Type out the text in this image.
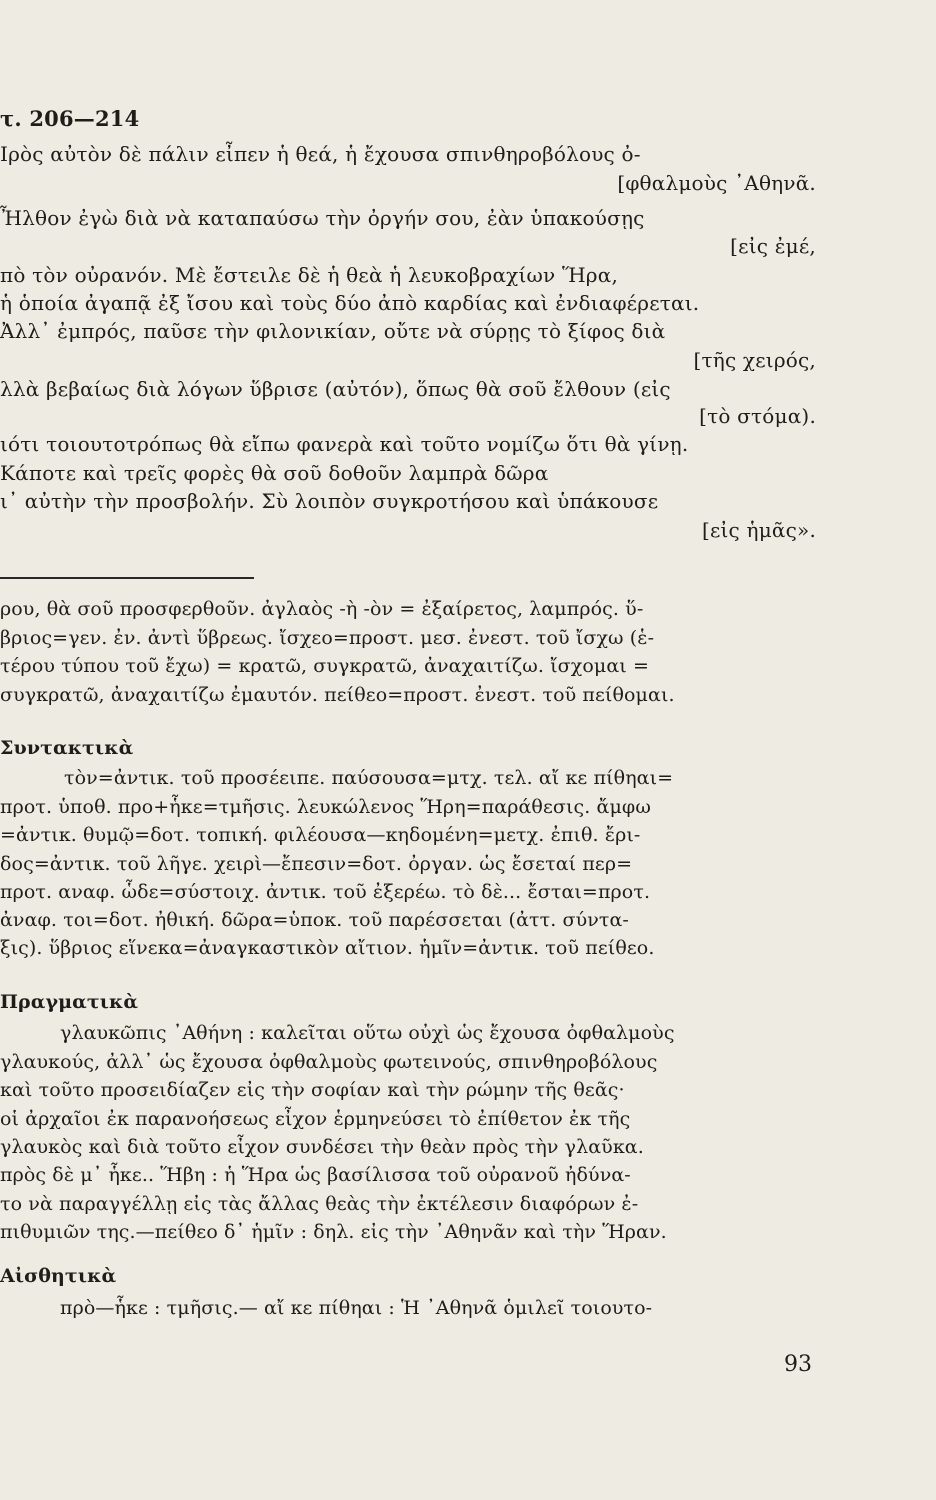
τ. 206—214
Ιρὸς αὐτὸν δὲ πάλιν εἶπεν ἡ θεά, ἡ ἔχουσα σπινθηροβόλους ὀ-
[φθαλμοὺς ᾿Αθηνᾶ.
Ἦλθον ἐγὼ διὰ νὰ καταπαύσω τὴν ὀργήν σου, ἐὰν ὑπακούσῃς
[εἰς ἐμέ,
πὸ τὸν οὐρανόν. Μὲ ἔστειλε δὲ ἡ θεὰ ἡ λευκοβραχίων Ἥρα,
ἡ ὁποία ἀγαπᾷ ἐξ ἴσου καὶ τοὺς δύο ἀπὸ καρδίας καὶ ἐνδιαφέρεται.
Ἀλλ᾿ ἐμπρός, παῦσε τὴν φιλονικίαν, οὔτε νὰ σύρῃς τὸ ξίφος διὰ
[τῆς χειρός,
λλὰ βεβαίως διὰ λόγων ὕβρισε (αὐτόν), ὅπως θὰ σοῦ ἔλθουν (εἰς
[τὸ στόμα).
ιότι τοιουτοτρόπως θὰ εἴπω φανερὰ καὶ τοῦτο νομίζω ὅτι θὰ γίνῃ.
Κάποτε καὶ τρεῖς φορὲς θὰ σοῦ δοθοῦν λαμπρὰ δῶρα
ι᾿ αὐτὴν τὴν προσβολήν. Σὺ λοιπὸν συγκροτήσου καὶ ὑπάκουσε
[εἰς ἡμᾶς».
ρου, θὰ σοῦ προσφερθοῦν. ἀγλαὸς -ὴ -ὸν = ἐξαίρετος, λαμπρός. ὕ-
βριος=γεν. ἐν. ἀντὶ ὕβρεως. ἴσχεο=προστ. μεσ. ἐνεστ. τοῦ ἴσχω (ἑ-
τέρου τύπου τοῦ ἔχω) = κρατῶ, συγκρατῶ, ἀναχαιτίζω. ἴσχομαι =
συγκρατῶ, ἀναχαιτίζω ἐμαυτόν. πείθεο=προστ. ἐνεστ. τοῦ πείθομαι.
Συντακτικὰ
τὸν=ἀντικ. τοῦ προσέειπε. παύσουσα=μτχ. τελ. αἴ κε πίθηαι=
προτ. ὑποθ. προ+ἧκε=τμῆσις. λευκώλενος Ἥρη=παράθεσις. ἄμφω
=ἀντικ. θυμῷ=δοτ. τοπική. φιλέουσα—κηδομένη=μετχ. ἐπιθ. ἔρι-
δος=ἀντικ. τοῦ λῆγε. χειρὶ—ἔπεσιν=δοτ. ὀργαν. ὡς ἔσεταί περ=
προτ. αναφ. ὧδε=σύστοιχ. ἀντικ. τοῦ ἐξερέω. τὸ δὲ... ἔσται=προτ.
ἀναφ. τοι=δοτ. ἠθική. δῶρα=ὑποκ. τοῦ παρέσσεται (ἀττ. σύντα-
ξις). ὕβριος εἵνεκα=ἀναγκαστικὸν αἴτιον. ἡμῖν=ἀντικ. τοῦ πείθεο.
Πραγματικὰ
γλαυκῶπις ᾿Αθήνη : καλεῖται οὕτω οὐχὶ ὡς ἔχουσα ὀφθαλμοὺς
γλαυκούς, ἀλλ᾿ ὡς ἔχουσα ὀφθαλμοὺς φωτεινούς, σπινθηροβόλους
καὶ τοῦτο προσειδίαζεν εἰς τὴν σοφίαν καὶ τὴν ρώμην τῆς θεᾶς·
οἱ ἀρχαῖοι ἐκ παρανοήσεως εἶχον ἑρμηνεύσει τὸ ἐπίθετον ἐκ τῆς
γλαυκὸς καὶ διὰ τοῦτο εἶχον συνδέσει τὴν θεὰν πρὸς τὴν γλαῦκα.
πρὸς δὲ μ᾿ ἧκε.. Ἥβη : ἡ Ἥρα ὡς βασίλισσα τοῦ οὐρανοῦ ἠδύνα-
το νὰ παραγγέλλῃ εἰς τὰς ἄλλας θεὰς τὴν ἐκτέλεσιν διαφόρων ἐ-
πιθυμιῶν της.—πείθεο δ᾿ ἡμῖν : δηλ. εἰς τὴν ᾿Αθηνᾶν καὶ τὴν Ἥραν.
Αἰσθητικὰ
πρὸ—ἧκε : τμῆσις.— αἴ κε πίθηαι : Ἡ ᾿Αθηνᾶ ὁμιλεῖ τοιουτο-
93
